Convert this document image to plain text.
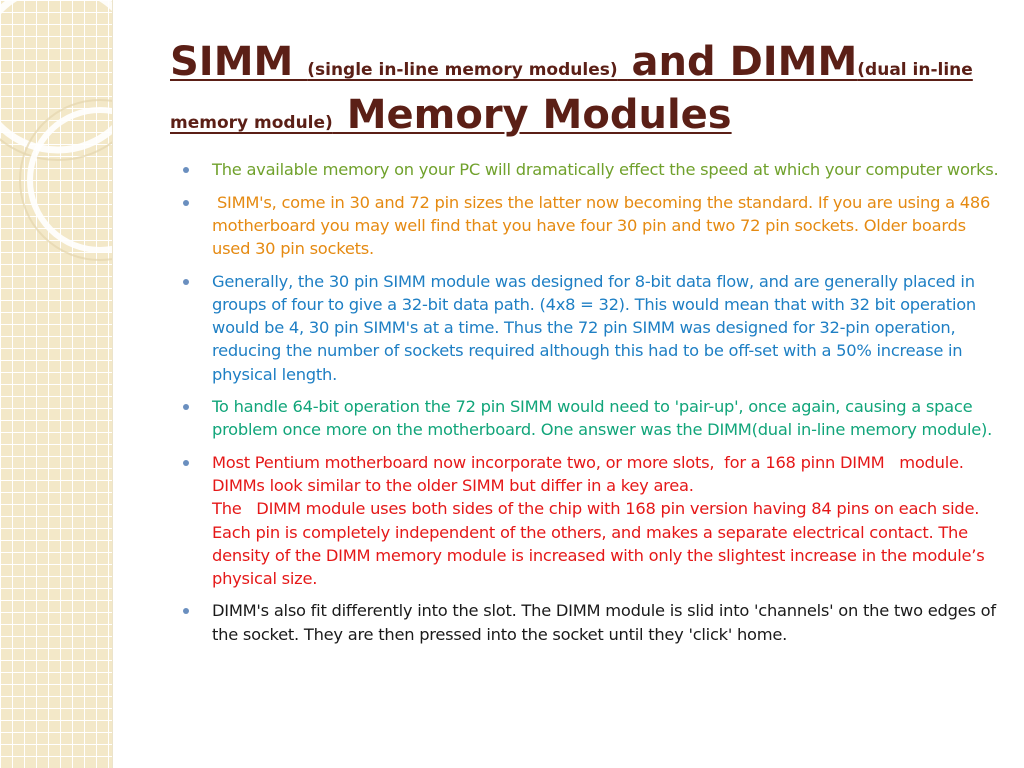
SIMM (single in-line memory modules) and DIMM(dual in-line memory module) Memory Modules
The available memory on your PC will dramatically effect the speed at which your computer works.
SIMM's, come in 30 and 72 pin sizes the latter now becoming the standard. If you are using a 486 motherboard you may well find that you have four 30 pin and two 72 pin sockets. Older boards used 30 pin sockets.
Generally, the 30 pin SIMM module was designed for 8-bit data flow, and are generally placed in groups of four to give a 32-bit data path. (4x8 = 32). This would mean that with 32 bit operation would be 4, 30 pin SIMM's at a time. Thus the 72 pin SIMM was designed for 32-pin operation, reducing the number of sockets required although this had to be off-set with a 50% increase in physical length.
To handle 64-bit operation the 72 pin SIMM would need to 'pair-up', once again, causing a space problem once more on the motherboard. One answer was the DIMM(dual in-line memory module).
Most Pentium motherboard now incorporate two, or more slots,  for a 168 pinn DIMM   module. DIMMs look similar to the older SIMM but differ in a key area.
The   DIMM module uses both sides of the chip with 168 pin version having 84 pins on each side. Each pin is completely independent of the others, and makes a separate electrical contact. The density of the DIMM memory module is increased with only the slightest increase in the module’s physical size.
DIMM's also fit differently into the slot. The DIMM module is slid into 'channels' on the two edges of the socket. They are then pressed into the socket until they 'click' home.
